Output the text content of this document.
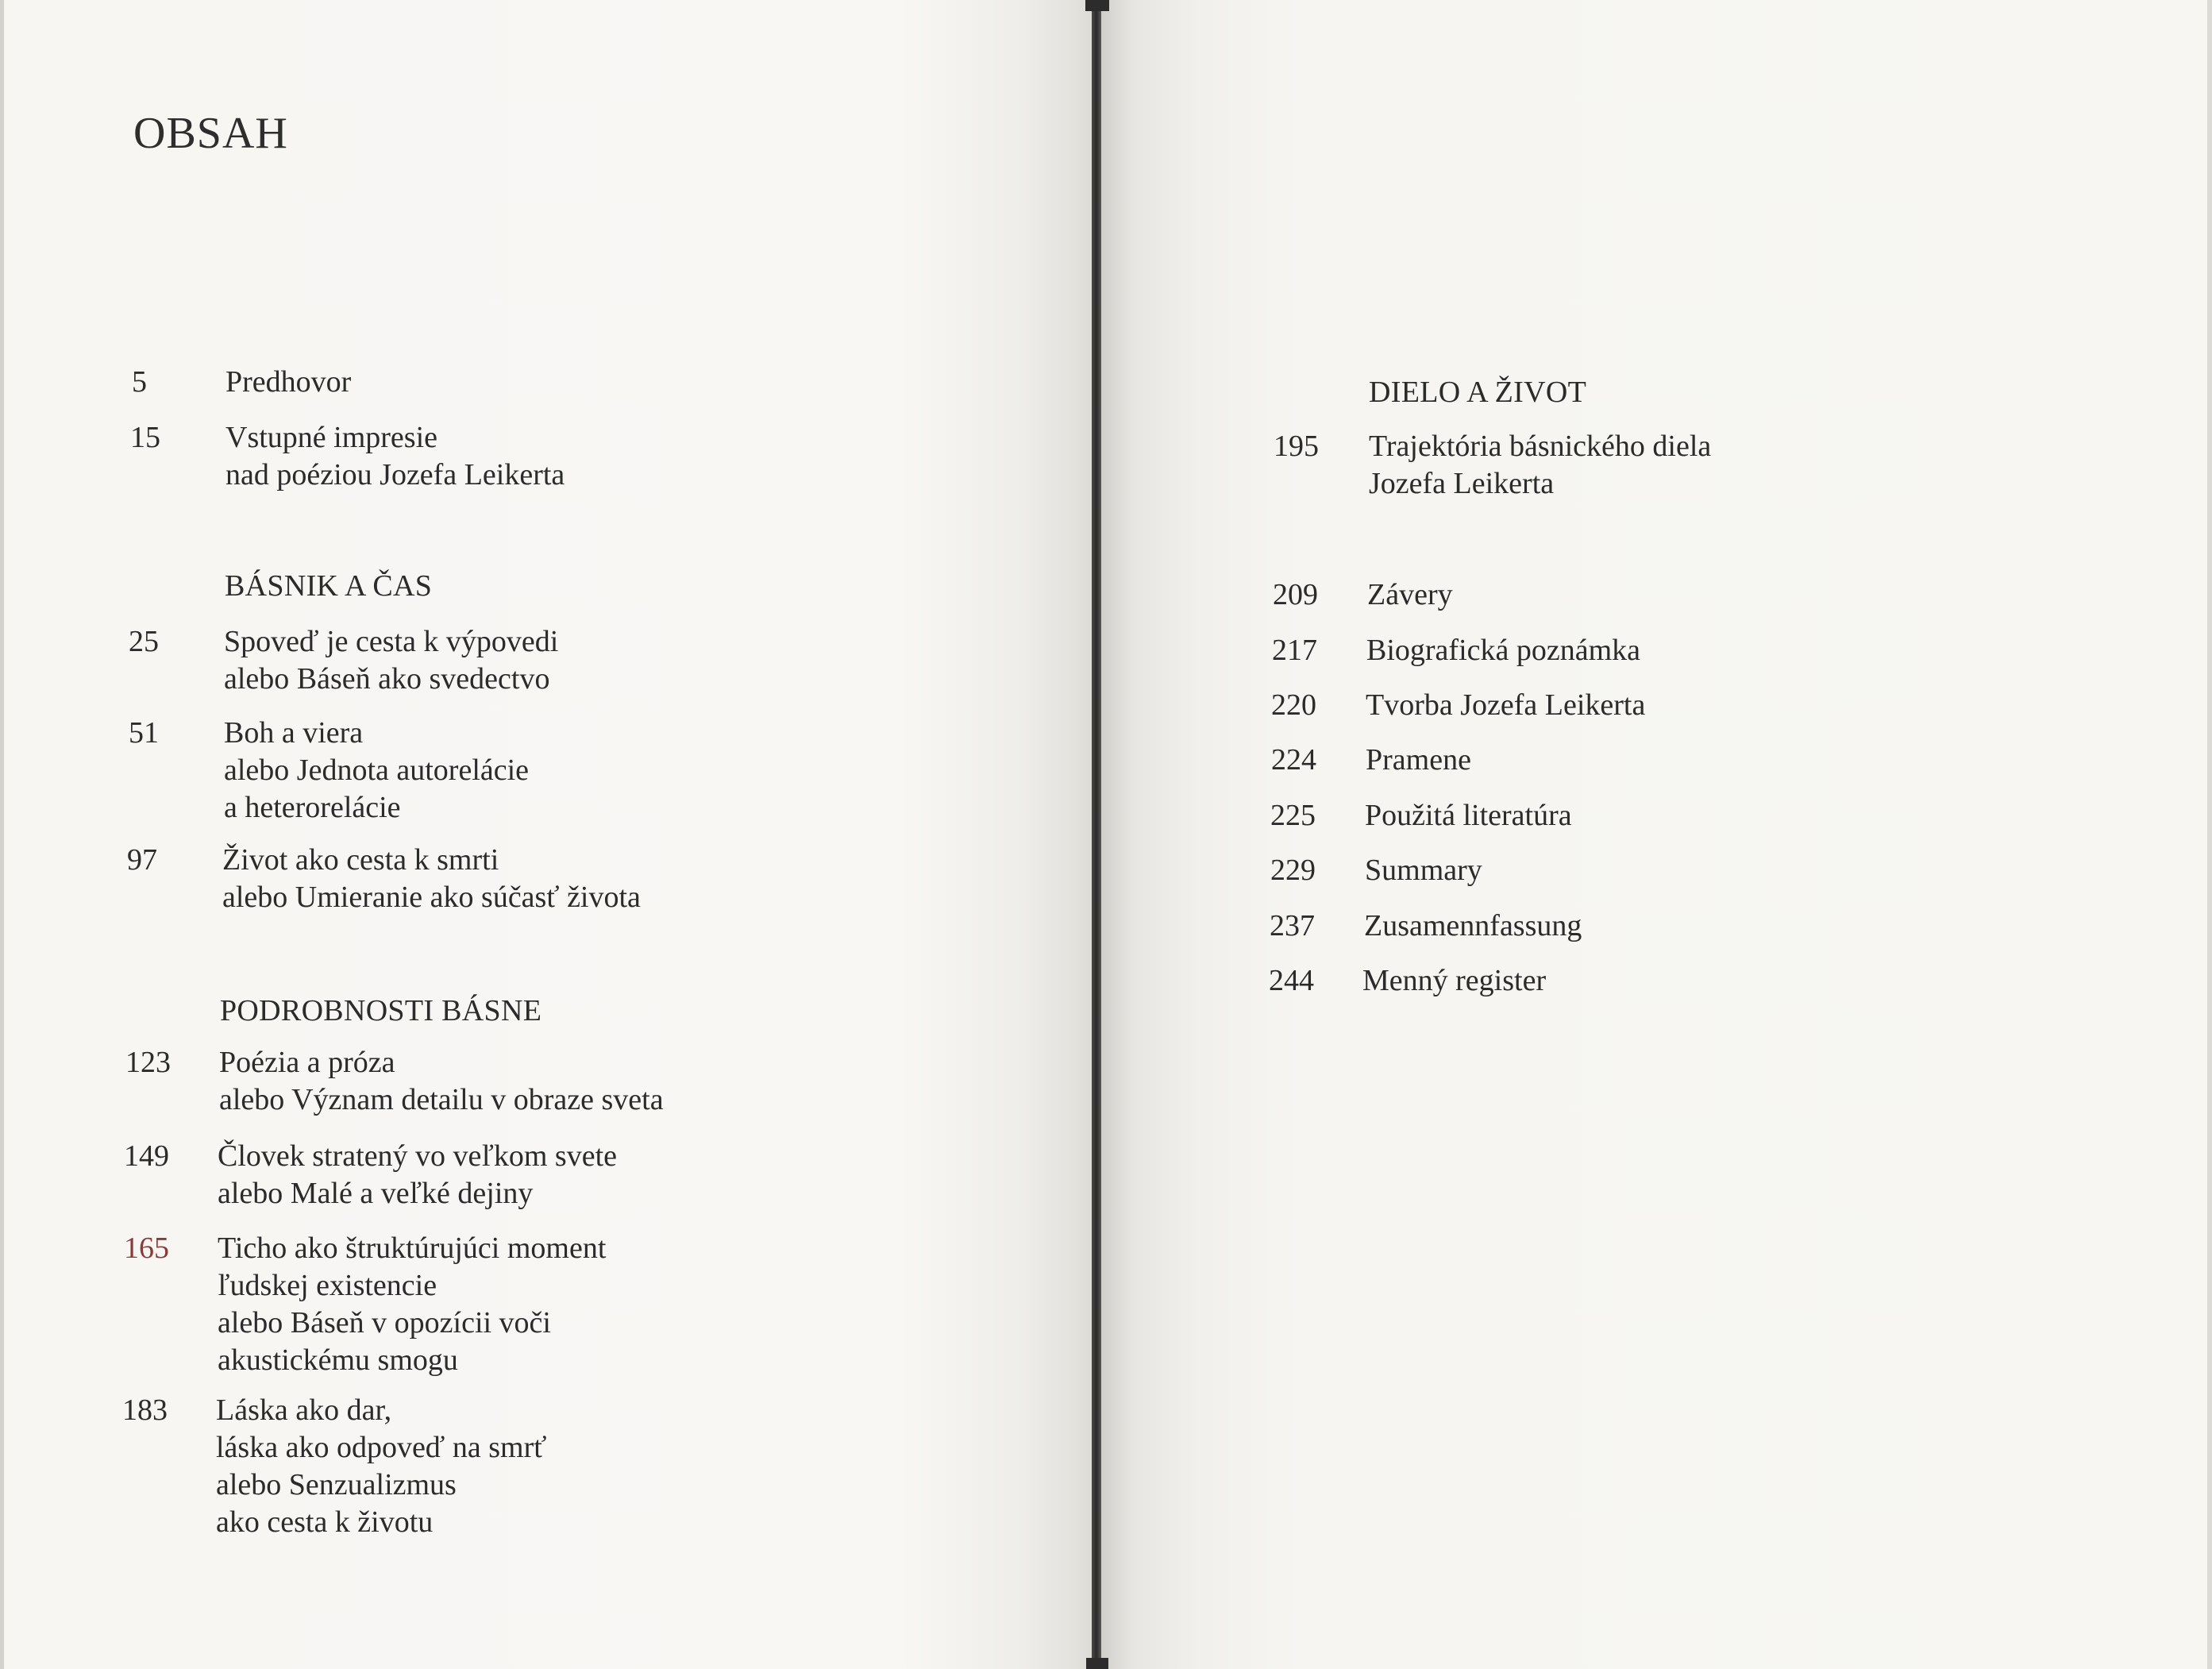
OBSAH
5	Predhovor
15 Vstupné impresie
nad poéziou Jozefa Leikerta
BÁSNIK A ČAS
25 Spoveď je cesta k výpovedi
alebo Báseň ako svedectvo
51 Boh a viera
alebo Jednota autorelácie
a heterorelácie
97 Život ako cesta k smrti
alebo Umieranie ako súčasť života
PODROBNOSTI BÁSNE
123 Poézia a próza
alebo Význam detailu v obraze sveta
149 Človek stratený vo veľkom svete
alebo Malé a veľké dejiny
165 Ticho ako štruktúrujúci moment
ľudskej existencie
alebo Báseň v opozícii voči
akustickému smogu
183 Láska ako dar,
láska ako odpoveď na smrť
alebo Senzualizmus
ako cesta k životu
DIELO A ŽIVOT
195 Trajektória básnického diela
Jozefa Leikerta
209 Závery
217 Biografická poznámka
220 Tvorba Jozefa Leikerta
224 Pramene
225 Použitá literatúra
229 Summary
237 Zusamennfassung
244 Menný register
